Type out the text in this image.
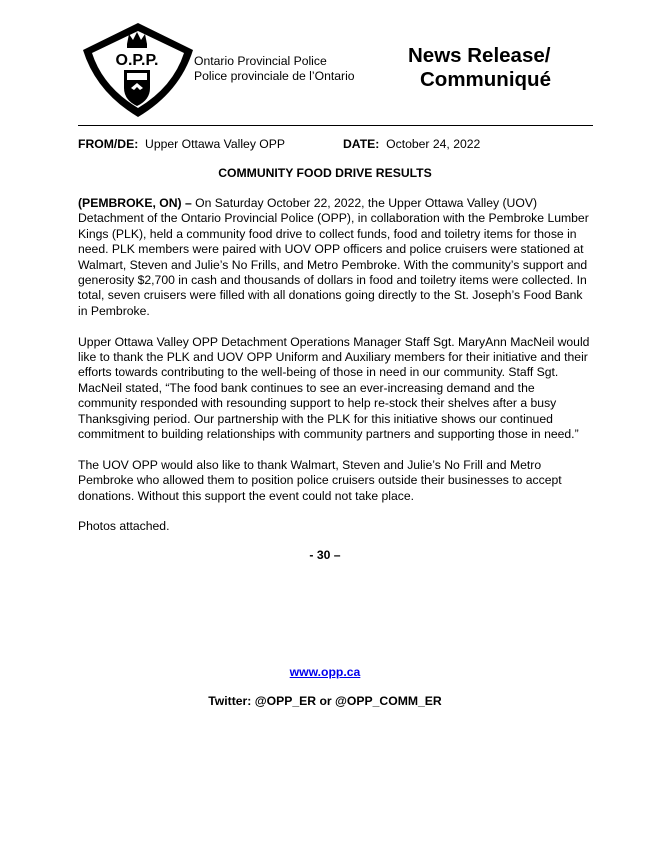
O.P.P.	Ontario Provincial Police
Police provinciale de l’Ontario
News Release/
Communiqué
FROM/DE: Upper Ottawa Valley OPP	DATE: October 24, 2022
COMMUNITY FOOD DRIVE RESULTS

(PEMBROKE, ON) – On Saturday October 22, 2022, the Upper Ottawa Valley (UOV) Detachment of the Ontario Provincial Police (OPP), in collaboration with the Pembroke Lumber Kings (PLK), held a community food drive to collect funds, food and toiletry items for those in need. PLK members were paired with UOV OPP officers and police cruisers were stationed at Walmart, Steven and Julie’s No Frills, and Metro Pembroke. With the community’s support and generosity $2,700 in cash and thousands of dollars in food and toiletry items were collected. In total, seven cruisers were filled with all donations going directly to the St. Joseph’s Food Bank in Pembroke.

Upper Ottawa Valley OPP Detachment Operations Manager Staff Sgt. MaryAnn MacNeil would like to thank the PLK and UOV OPP Uniform and Auxiliary members for their initiative and their efforts towards contributing to the well-being of those in need in our community. Staff Sgt. MacNeil stated, “The food bank continues to see an ever-increasing demand and the community responded with resounding support to help re-stock their shelves after a busy Thanksgiving period. Our partnership with the PLK for this initiative shows our continued commitment to building relationships with community partners and supporting those in need.”

The UOV OPP would also like to thank Walmart, Steven and Julie’s No Frill and Metro Pembroke who allowed them to position police cruisers outside their businesses to accept donations. Without this support the event could not take place.

Photos attached.

- 30 –
www.opp.ca
Twitter: @OPP_ER or @OPP_COMM_ER
